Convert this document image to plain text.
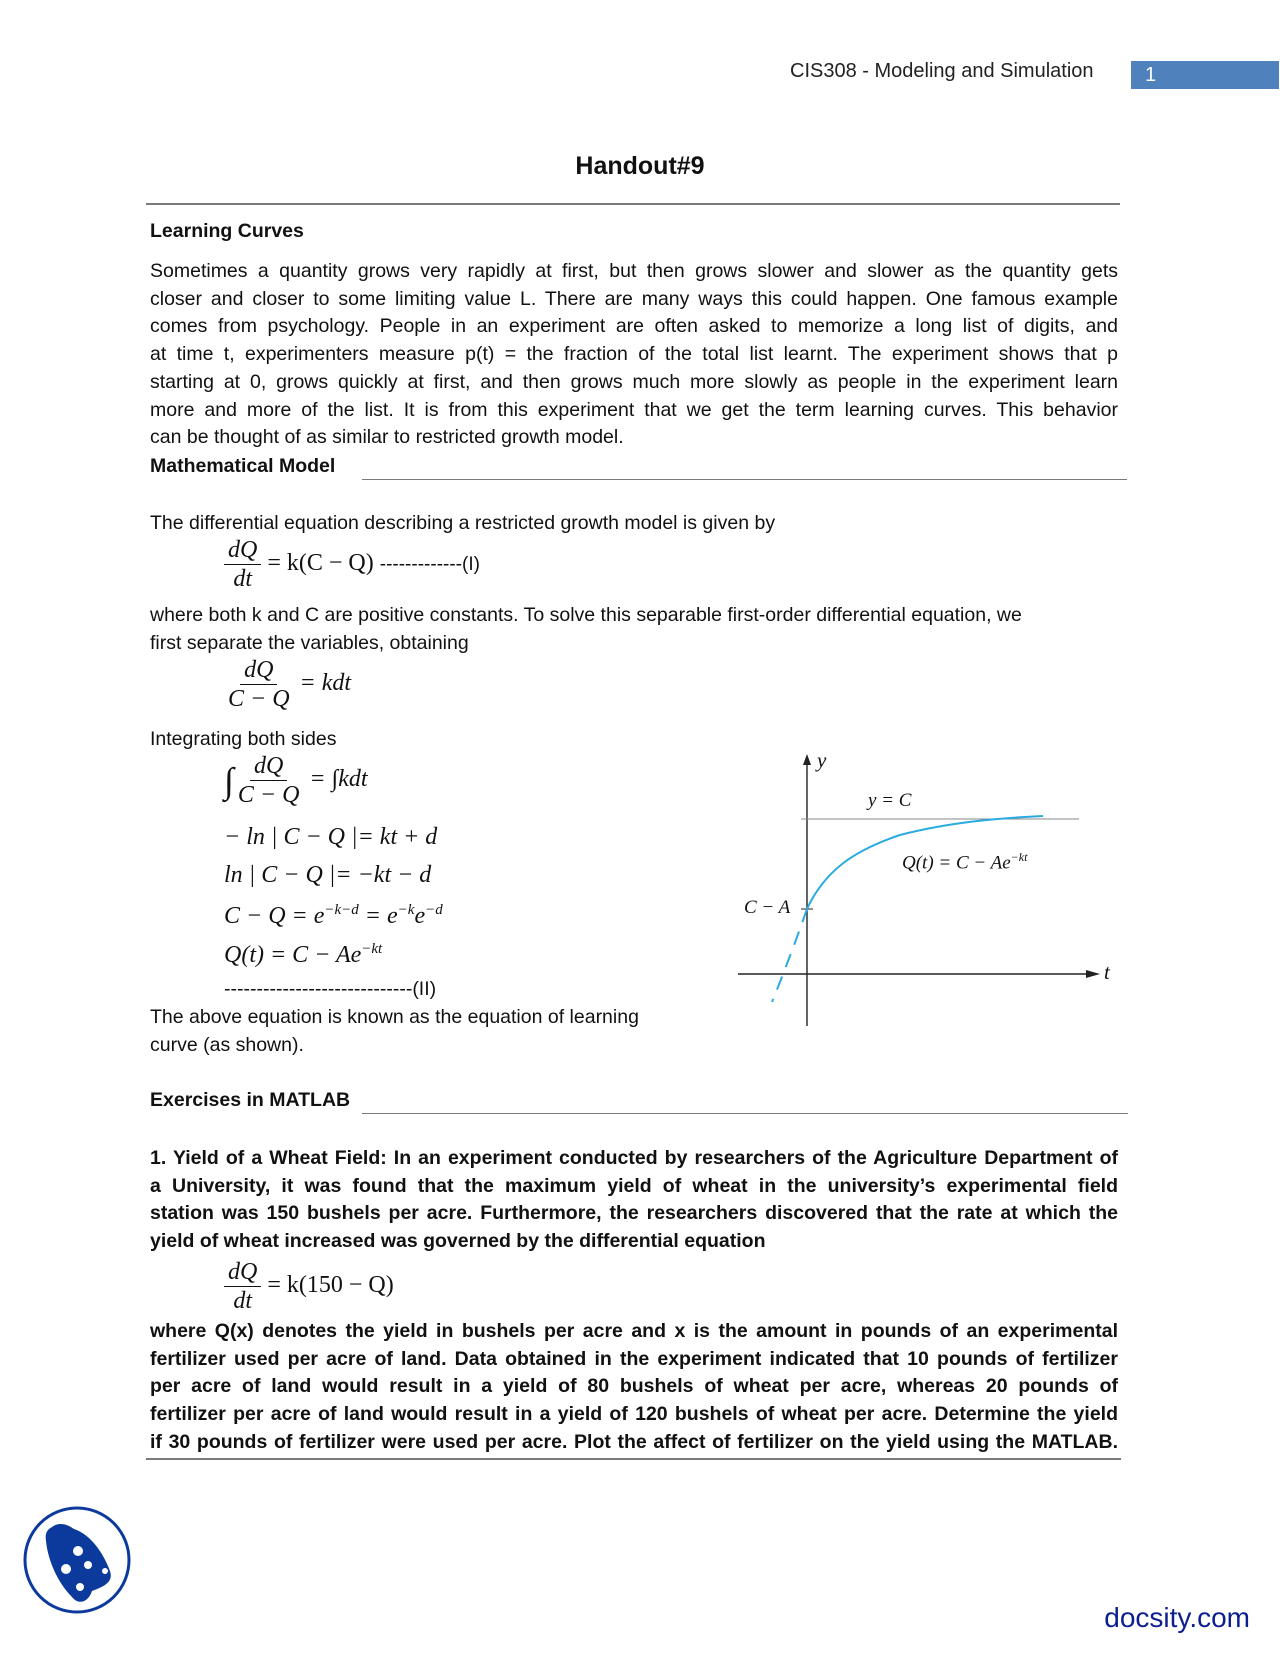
CIS308 - Modeling and Simulation	1
Handout#9
Learning Curves
Sometimes a quantity grows very rapidly at first, but then grows slower and slower as the quantity gets
closer and closer to some limiting value L. There are many ways this could happen. One famous example
comes from psychology. People in an experiment are often asked to memorize a long list of digits, and
at time t, experimenters measure p(t) = the fraction of the total list learnt. The experiment shows that p
starting at 0, grows quickly at first, and then grows much more slowly as people in the experiment learn
more and more of the list. It is from this experiment that we get the term learning curves. This behavior
can be thought of as similar to restricted growth model.
Mathematical Model
The differential equation describing a restricted growth model is given by
$\frac{dQ}{dt} = k(C - Q)$ -------------(I)
where both k and C are positive constants. To solve this separable first-order differential equation, we
first separate the variables, obtaining
$\frac{dQ}{C - Q}$ = kdt
Integrating both sides
∫ $\frac{dQ}{C - Q} = \int kdt$
− ln | C − Q |= kt + d
ln | C − Q |= −kt − d
$C - Q = e^{-k-d} = e^{-k}e^{-d}$
$Q(t) = C - Ae^{-kt}$
-----------------------------(II)
The above equation is known as the equation of learning
curve (as shown).
y
t
y = C
C − A
$Q(t) = C - Ae^{-kt}$
Exercises in MATLAB
1. Yield of a Wheat Field: In an experiment conducted by researchers of the Agriculture Department of
a University, it was found that the maximum yield of wheat in the university’s experimental field
station was 150 bushels per acre. Furthermore, the researchers discovered that the rate at which the
yield of wheat increased was governed by the differential equation
$\frac{dQ}{dt} = k(150 - Q)$
where Q(x) denotes the yield in bushels per acre and x is the amount in pounds of an experimental
fertilizer used per acre of land. Data obtained in the experiment indicated that 10 pounds of fertilizer
per acre of land would result in a yield of 80 bushels of wheat per acre, whereas 20 pounds of
fertilizer per acre of land would result in a yield of 120 bushels of wheat per acre. Determine the yield
if 30 pounds of fertilizer were used per acre. Plot the affect of fertilizer on the yield using the MATLAB.
docsity.com
